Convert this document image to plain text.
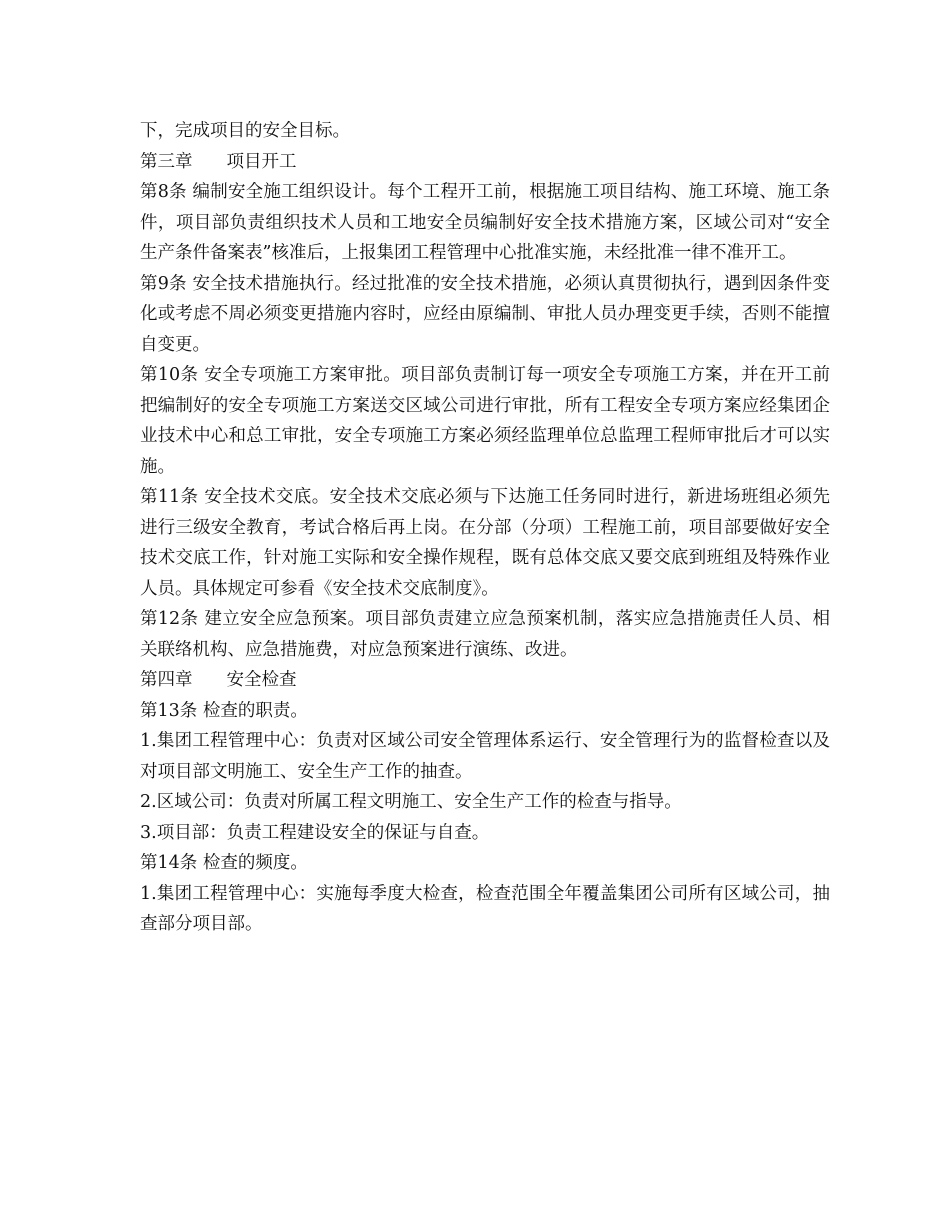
下，完成项目的安全目标。

第三章 项目开工

第8条 编制安全施工组织设计。每个工程开工前，根据施工项目结构、施工环境、施工条件，项目部负责组织技术人员和工地安全员编制好安全技术措施方案，区域公司对“安全生产条件备案表”核准后，上报集团工程管理中心批准实施，未经批准一律不准开工。

第9条 安全技术措施执行。经过批准的安全技术措施，必须认真贯彻执行，遇到因条件变化或考虑不周必须变更措施内容时，应经由原编制、审批人员办理变更手续，否则不能擅自变更。

第10条 安全专项施工方案审批。项目部负责制订每一项安全专项施工方案，并在开工前把编制好的安全专项施工方案送交区域公司进行审批，所有工程安全专项方案应经集团企业技术中心和总工审批，安全专项施工方案必须经监理单位总监理工程师审批后才可以实施。

第11条 安全技术交底。安全技术交底必须与下达施工任务同时进行，新进场班组必须先进行三级安全教育，考试合格后再上岗。在分部（分项）工程施工前，项目部要做好安全技术交底工作，针对施工实际和安全操作规程，既有总体交底又要交底到班组及特殊作业人员。具体规定可参看《安全技术交底制度》。

第12条 建立安全应急预案。项目部负责建立应急预案机制，落实应急措施责任人员、相关联络机构、应急措施费，对应急预案进行演练、改进。

第四章 安全检查

第13条 检查的职责。

1.集团工程管理中心：负责对区域公司安全管理体系运行、安全管理行为的监督检查以及对项目部文明施工、安全生产工作的抽查。

2.区域公司：负责对所属工程文明施工、安全生产工作的检查与指导。

3.项目部：负责工程建设安全的保证与自查。

第14条 检查的频度。

1.集团工程管理中心：实施每季度大检查，检查范围全年覆盖集团公司所有区域公司，抽查部分项目部。
